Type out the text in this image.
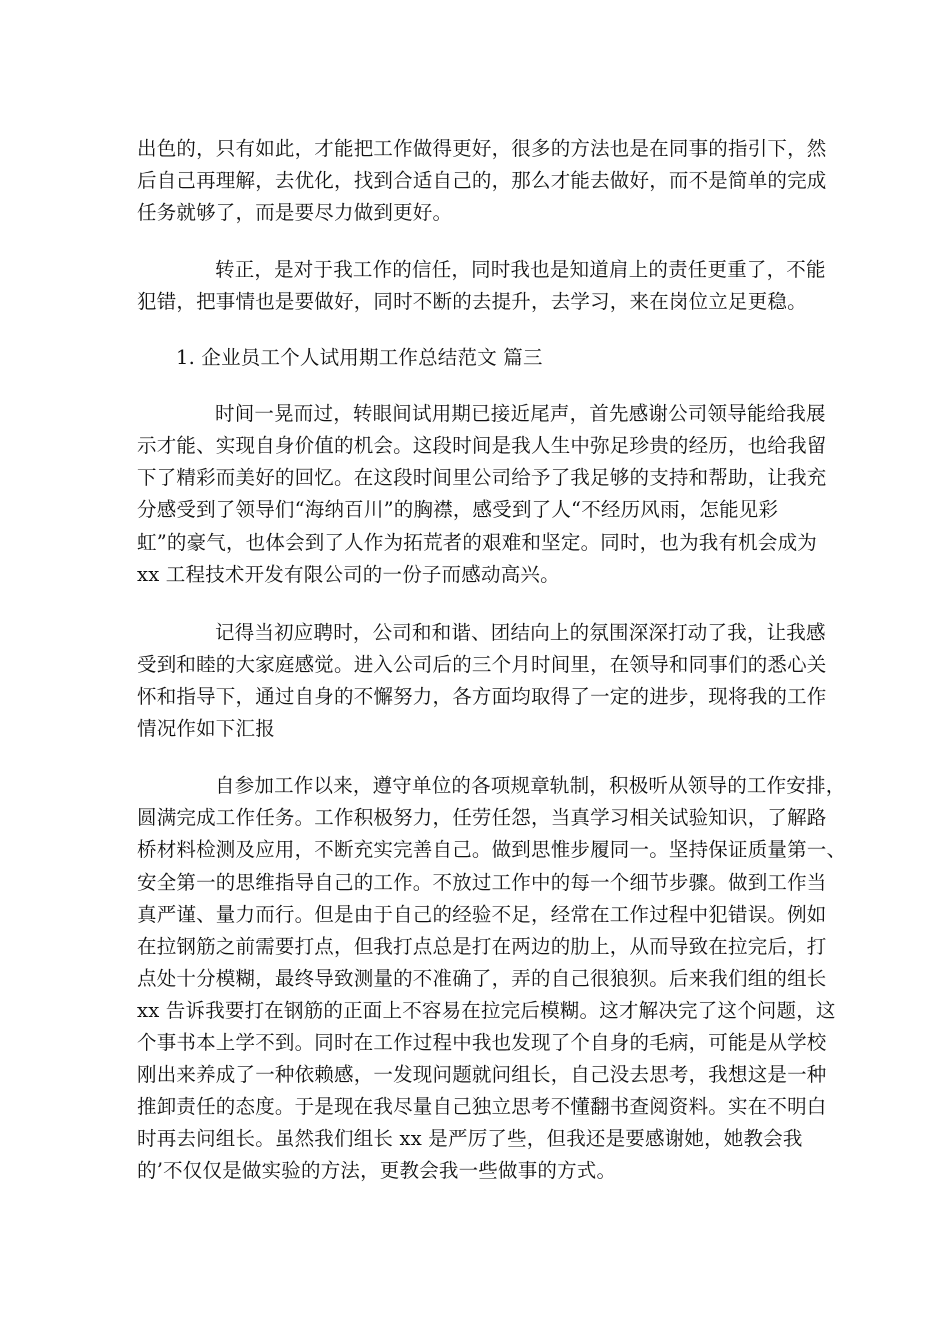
出色的，只有如此，才能把工作做得更好，很多的方法也是在同事的指引下，然
后自己再理解，去优化，找到合适自己的，那么才能去做好，而不是简单的完成
任务就够了，而是要尽力做到更好。
转正，是对于我工作的信任，同时我也是知道肩上的责任更重了，不能
犯错，把事情也是要做好，同时不断的去提升，去学习，来在岗位立足更稳。
1. 企业员工个人试用期工作总结范文 篇三
时间一晃而过，转眼间试用期已接近尾声，首先感谢公司领导能给我展
示才能、实现自身价值的机会。这段时间是我人生中弥足珍贵的经历，也给我留
下了精彩而美好的回忆。在这段时间里公司给予了我足够的支持和帮助，让我充
分感受到了领导们“海纳百川”的胸襟，感受到了人“不经历风雨，怎能见彩
虹”的豪气，也体会到了人作为拓荒者的艰难和坚定。同时，也为我有机会成为
xx 工程技术开发有限公司的一份子而感动高兴。
记得当初应聘时，公司和和谐、团结向上的氛围深深打动了我，让我感
受到和睦的大家庭感觉。进入公司后的三个月时间里，在领导和同事们的悉心关
怀和指导下，通过自身的不懈努力，各方面均取得了一定的进步，现将我的工作
情况作如下汇报
自参加工作以来，遵守单位的各项规章轨制，积极听从领导的工作安排，
圆满完成工作任务。工作积极努力，任劳任怨，当真学习相关试验知识，了解路
桥材料检测及应用，不断充实完善自己。做到思惟步履同一。坚持保证质量第一、
安全第一的思维指导自己的工作。不放过工作中的每一个细节步骤。做到工作当
真严谨、量力而行。但是由于自己的经验不足，经常在工作过程中犯错误。例如
在拉钢筋之前需要打点，但我打点总是打在两边的肋上，从而导致在拉完后，打
点处十分模糊，最终导致测量的不准确了，弄的自己很狼狈。后来我们组的组长
xx 告诉我要打在钢筋的正面上不容易在拉完后模糊。这才解决完了这个问题，这
个事书本上学不到。同时在工作过程中我也发现了个自身的毛病，可能是从学校
刚出来养成了一种依赖感，一发现问题就问组长，自己没去思考，我想这是一种
推卸责任的态度。于是现在我尽量自己独立思考不懂翻书查阅资料。实在不明白
时再去问组长。虽然我们组长 xx 是严厉了些，但我还是要感谢她，她教会我
的’不仅仅是做实验的方法，更教会我一些做事的方式。
